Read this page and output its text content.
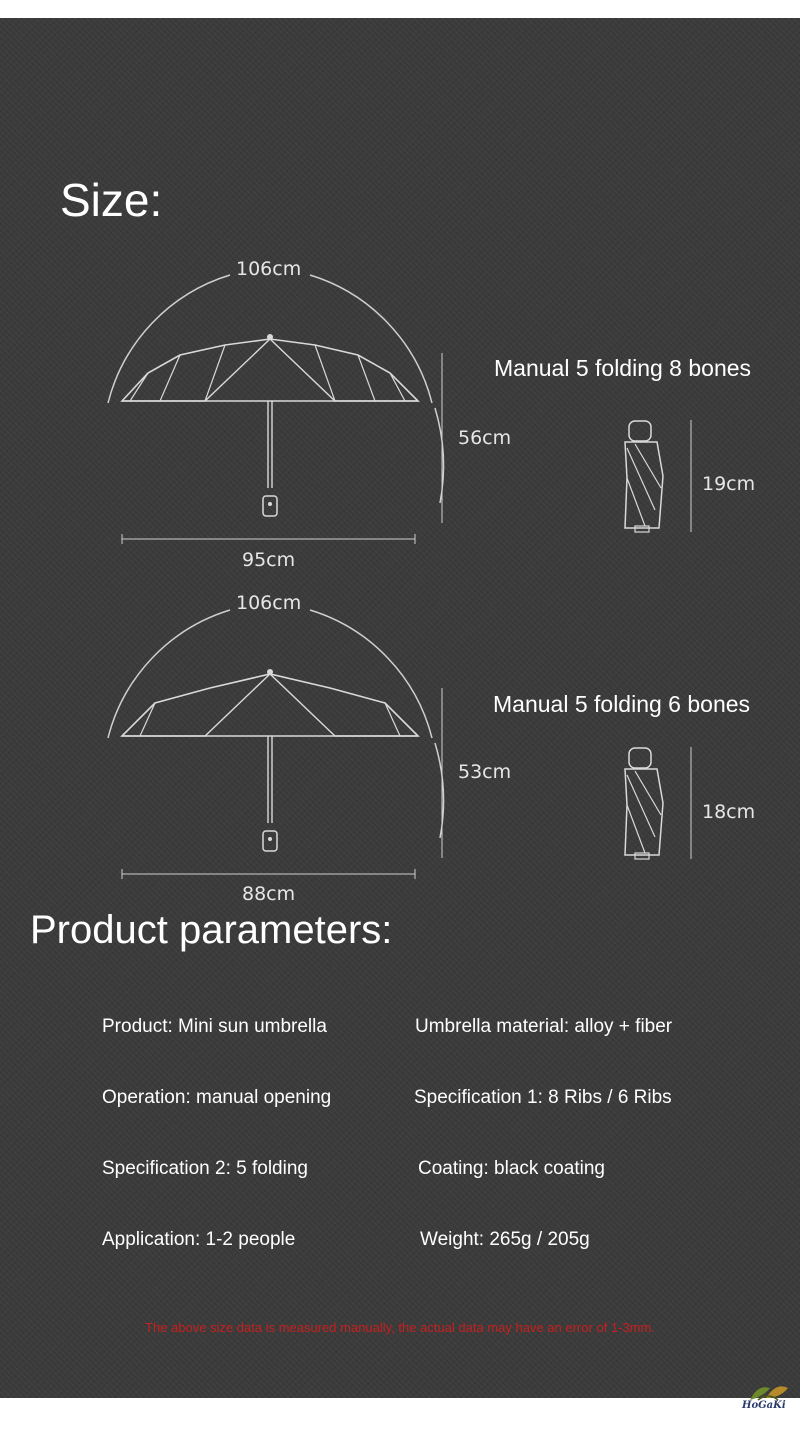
Size:
106cm
56cm
95cm
Manual 5 folding 8 bones
19cm
106cm
53cm
88cm
Manual 5 folding 6 bones
18cm
Product parameters:
Product: Mini sun umbrella	Umbrella material: alloy + fiber
Operation: manual opening	Specification 1: 8 Ribs / 6 Ribs
Specification 2: 5 folding	Coating: black coating
Application: 1-2 people	Weight: 265g / 205g
The above size data is measured manually, the actual data may have an error of 1-3mm.
HoGaKi
